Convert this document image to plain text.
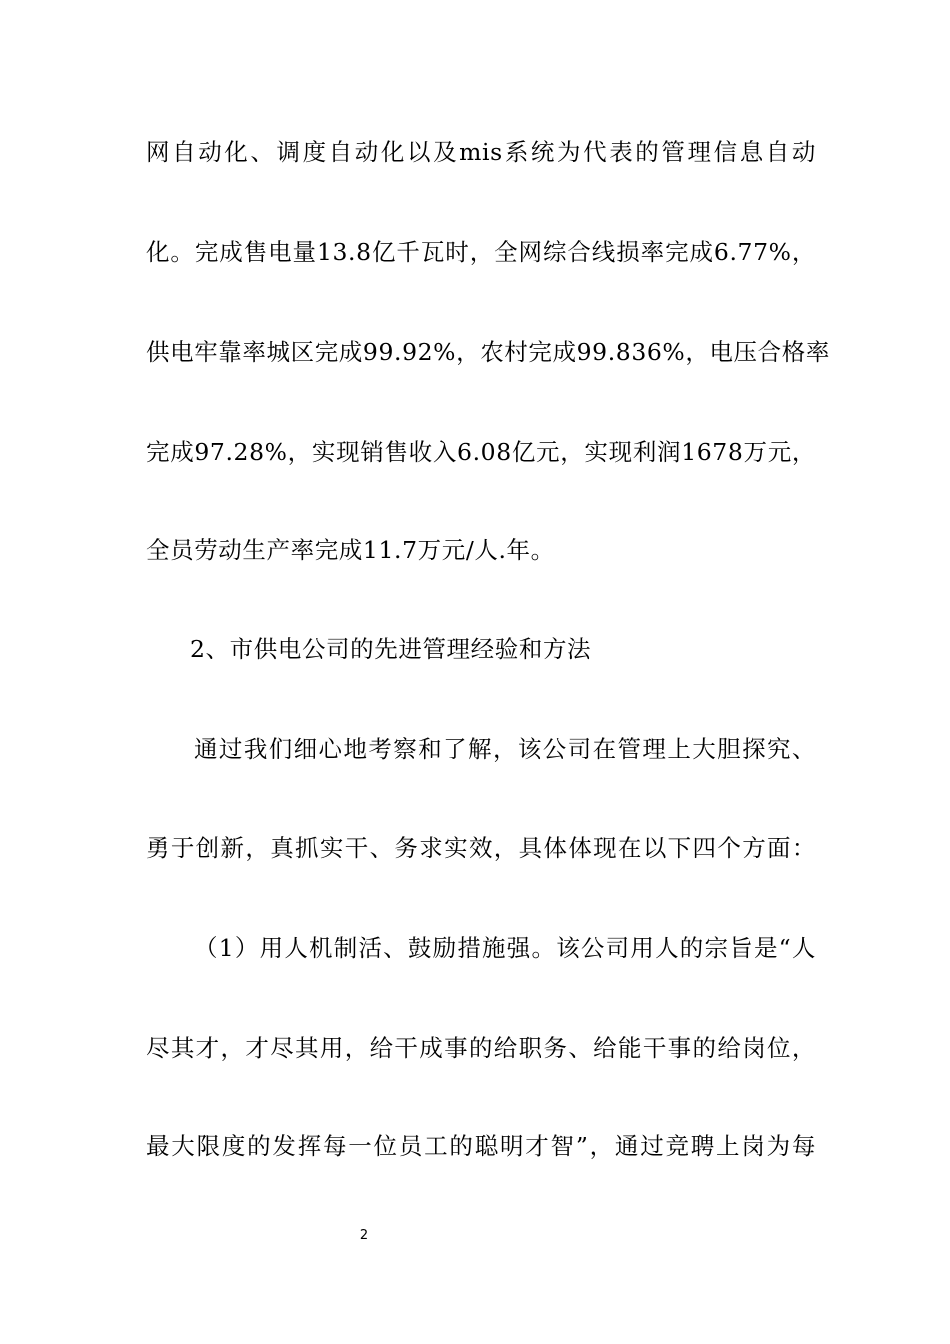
网自动化、调度自动化以及mis系统为代表的管理信息自动
化。完成售电量13.8亿千瓦时，全网综合线损率完成6.77%，
供电牢靠率城区完成99.92%，农村完成99.836%，电压合格率
完成97.28%，实现销售收入6.08亿元，实现利润1678万元，
全员劳动生产率完成11.7万元/人.年。
2、市供电公司的先进管理经验和方法
通过我们细心地考察和了解，该公司在管理上大胆探究、
勇于创新，真抓实干、务求实效，具体体现在以下四个方面：
（1）用人机制活、鼓励措施强。该公司用人的宗旨是“人
尽其才，才尽其用，给干成事的给职务、给能干事的给岗位，
最大限度的发挥每一位员工的聪明才智”，通过竞聘上岗为每
2
